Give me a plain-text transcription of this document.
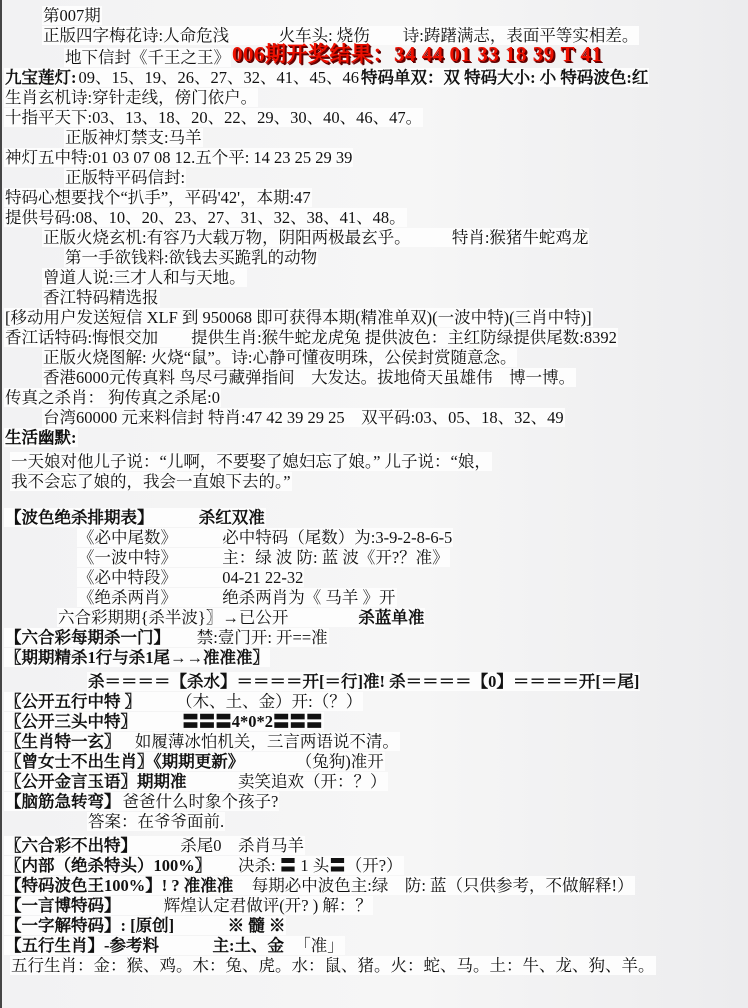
第007期
正版四字梅花诗:人命危浅　　　火车头: 烧伤　　诗:踌躇满志，表面平等实相差。
地下信封《千王之王》006期开奖结果：34 44 01 33 18 39 T 41
九宝莲灯: 09、15、19、26、27、32、41、45、46 特码单双：双 特码大小: 小 特码波色:红
生肖玄机诗:穿针走线，傍门依户。
十指平天下:03、13、18、20、22、29、30、40、46、47。
正版神灯禁支:马羊
神灯五中特:01 03 07 08 12.五个平: 14 23 25 29 39
正版特平码信封:
特码心想要找个“扒手”，平码'42'，本期:47
提供号码:08、10、20、23、27、31、32、38、41、48。
正版火烧玄机:有容乃大载万物，阴阳两极最玄乎。　　　特肖:猴猪牛蛇鸡龙
第一手欲钱料:欲钱去买跪乳的动物
曾道人说:三才人和与天地。
香江特码精选报
[移动用户发送短信 XLF 到 950068 即可获得本期(精准单双)(一波中特)(三肖中特)]
香江话特码:悔恨交加　　提供生肖:猴牛蛇龙虎兔 提供波色：主红防绿提供尾数:8392
正版火烧图解: 火烧“鼠”。诗:心静可懂夜明珠，公侯封赏随意念。
香港6000元传真料 鸟尽弓藏弹指间　大发达。拔地倚天虽雄伟　博一博。
传真之杀肖： 狗传真之杀尾:0
台湾60000 元来料信封 特肖:47 42 39 29 25　双平码:03、05、18、32、49
生活幽默:
一天娘对他儿子说：“儿啊，不要娶了媳妇忘了娘。” 儿子说：“娘，
我不会忘了娘的，我会一直娘下去的。”
【波色绝杀排期表】　　　	杀红双准
《必中尾数》　　　	必中特码（尾数）为:3-9-2-8-6-5
《一波中特》　　　	主：绿 波 防: 蓝 波《开?？准》
《必中特段》　　　	04-21 22-32
《绝杀两肖》　　　	绝杀两肖为《 马羊 》开
六合彩期期{杀半波}〗→已公开　　　　	杀蓝单准
【六合彩每期杀一门】　　禁:壹门开: 开==准
〖期期精杀1行与杀1尾→→准准准〗
杀＝＝＝＝【杀水】＝＝＝＝开[＝行]准! 杀＝＝＝＝【0】＝＝＝＝开[＝尾]
〖公开五行中特 〗　　　（木、土、金）开:（？）
〖公开三头中特〗　　　	〓〓〓4*0*2〓〓〓
〖生肖特一玄〗　 如履薄冰怕机关，三言两语说不清。
〖曾女士不出生肖〗《期期更新》　　　　（兔狗)准开
〖公开金言玉语〗期期准　　　卖笑追欢（开：？）
【脑筋急转弯】 爸爸什么时象个孩子?
答案：在爷爷面前.
〖六合彩不出特】　　　杀尾0　杀肖马羊
〖内部（绝杀特头）100%〗　　决杀: 〓 1 头〓（开?）
【特码波色王100%】! ? 准准准　每期必中波色主:绿　防: 蓝（只供参考，不做解释!）
【一言博特码】　　　辉煌认定君做评(开? ) 解：？
【一字解特码】: [原创]　　　	※ 髓 ※
【五行生肖】-参考料　　　	主:土、金　「准」
五行生肖：金：猴、鸡。木：兔、虎。水：鼠、猪。火：蛇、马。土：牛、龙、狗、羊。
